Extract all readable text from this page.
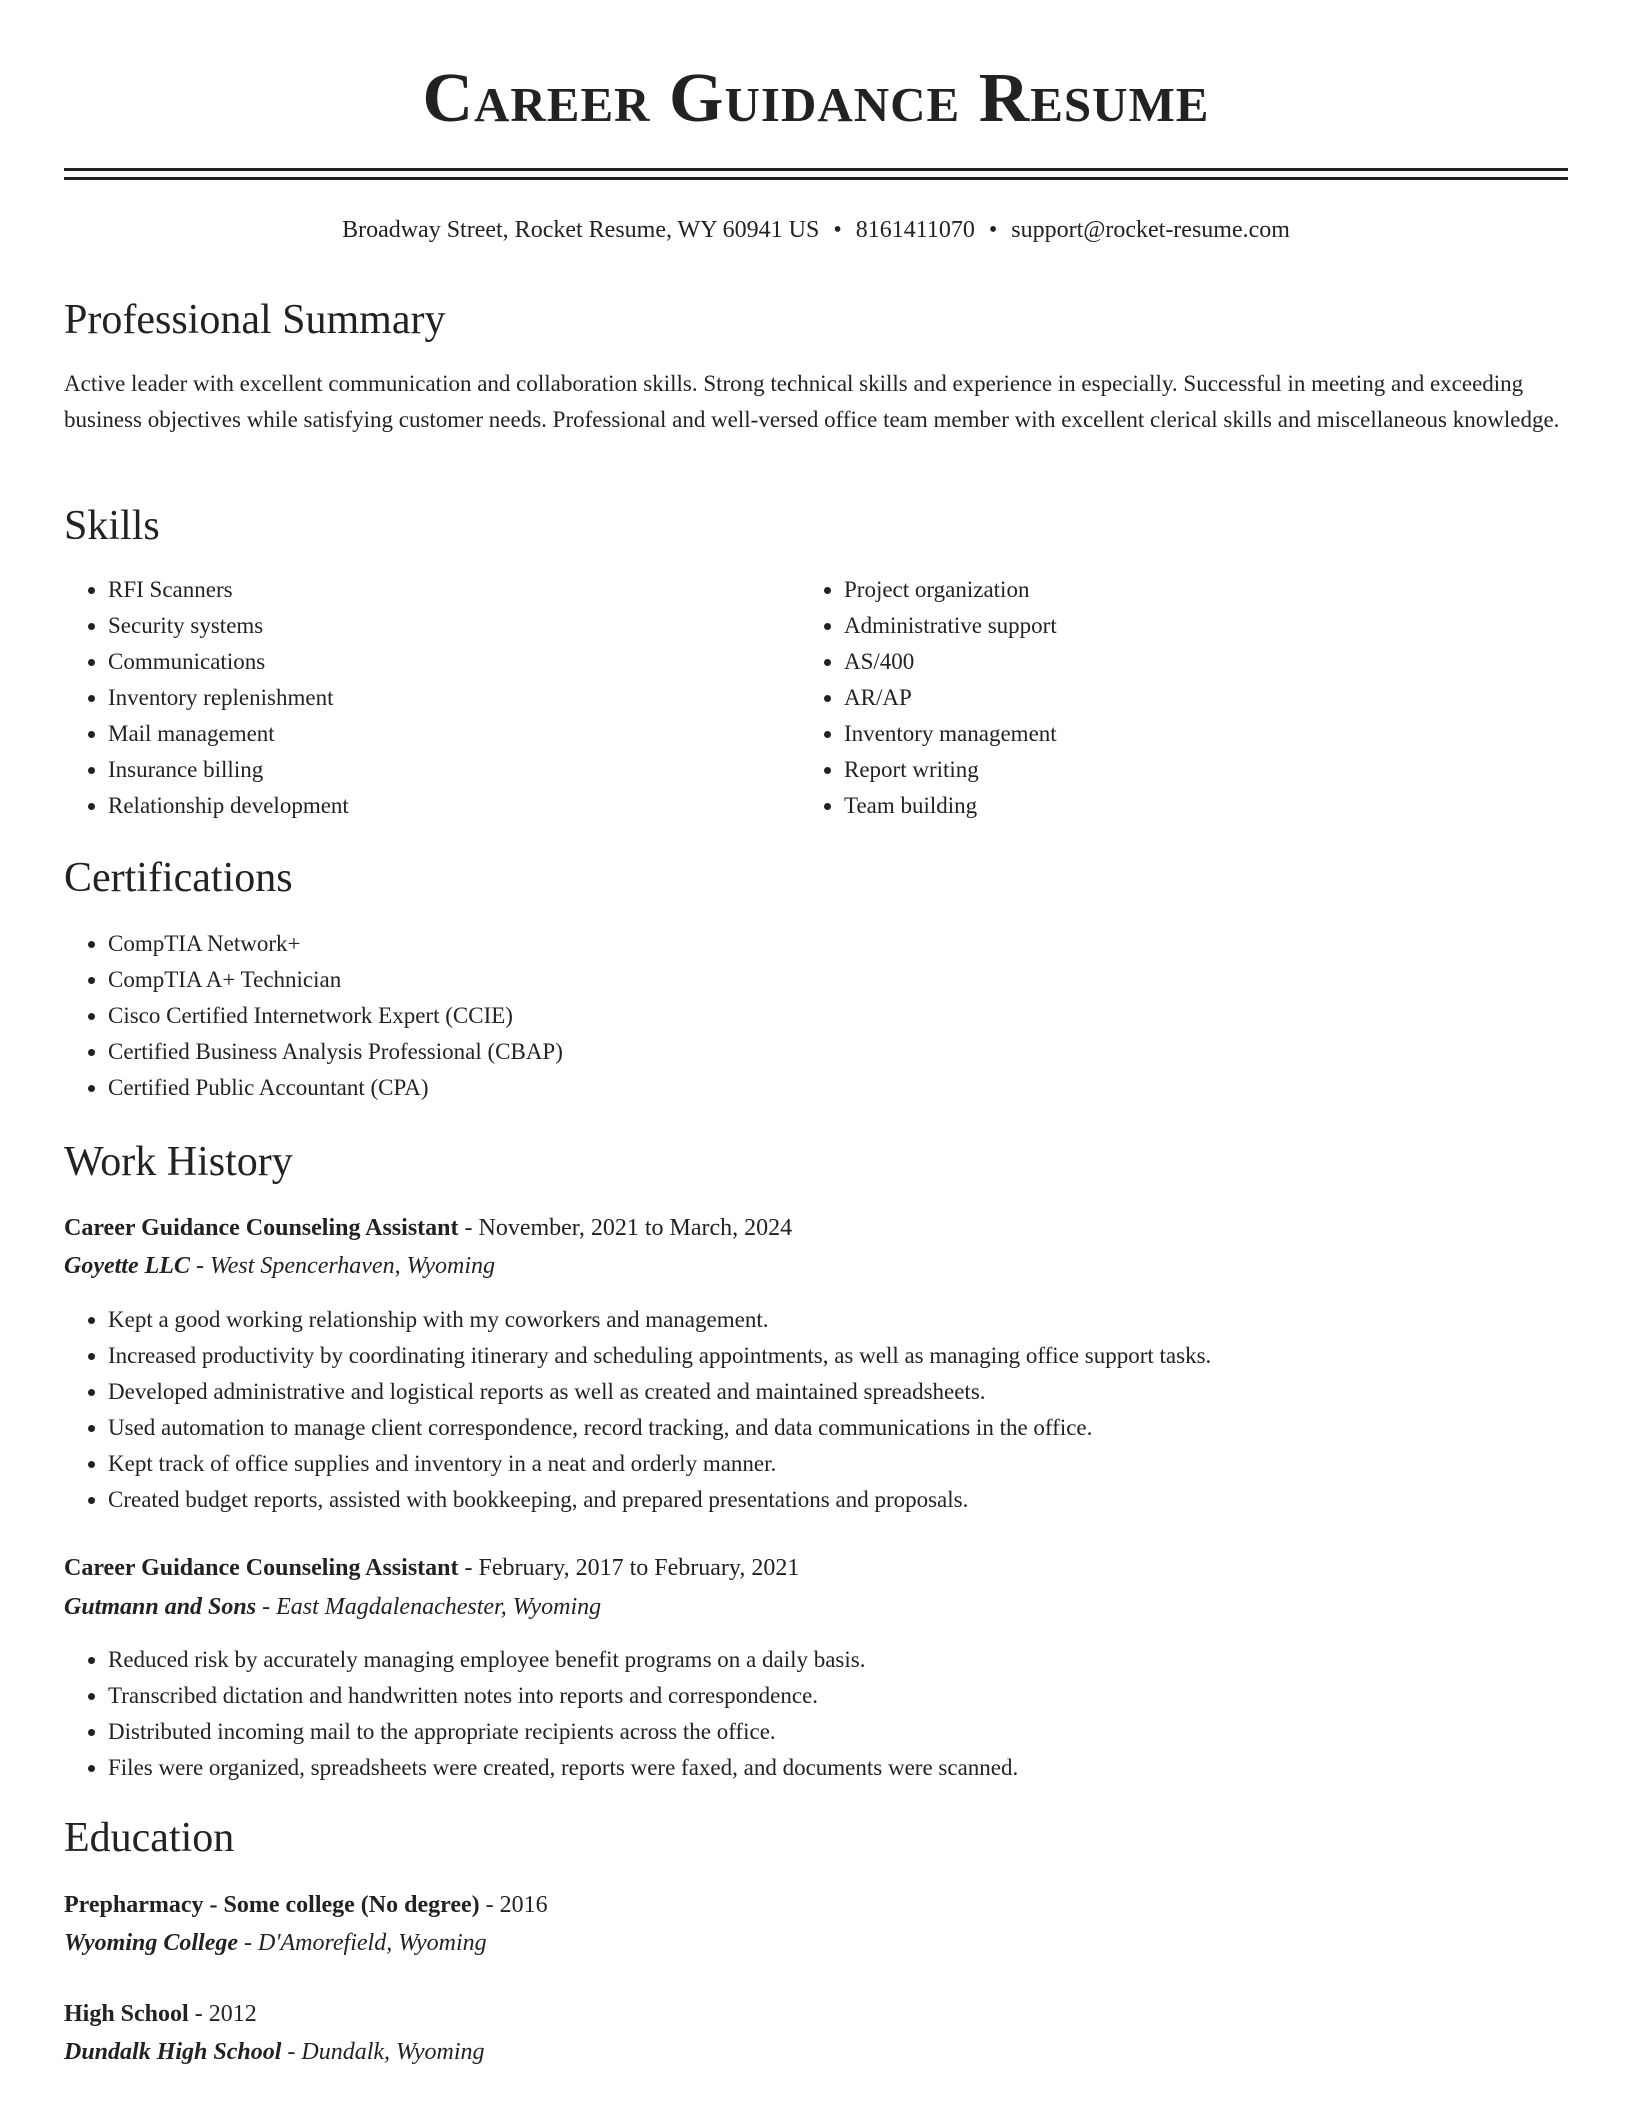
Career Guidance Resume
Broadway Street, Rocket Resume, WY 60941 US • 8161411070 • support@rocket-resume.com
Professional Summary

Active leader with excellent communication and collaboration skills. Strong technical skills and experience in especially. Successful in meeting and exceeding business objectives while satisfying customer needs. Professional and well-versed office team member with excellent clerical skills and miscellaneous knowledge.

Skills
• RFI Scanners
• Security systems
• Communications
• Inventory replenishment
• Mail management
• Insurance billing
• Relationship development
• Project organization
• Administrative support
• AS/400
• AR/AP
• Inventory management
• Report writing
• Team building
Certifications
• CompTIA Network+
• CompTIA A+ Technician
• Cisco Certified Internetwork Expert (CCIE)
• Certified Business Analysis Professional (CBAP)
• Certified Public Accountant (CPA)
Work History
Career Guidance Counseling Assistant - November, 2021 to March, 2024
Goyette LLC - West Spencerhaven, Wyoming
• Kept a good working relationship with my coworkers and management.
• Increased productivity by coordinating itinerary and scheduling appointments, as well as managing office support tasks.
• Developed administrative and logistical reports as well as created and maintained spreadsheets.
• Used automation to manage client correspondence, record tracking, and data communications in the office.
• Kept track of office supplies and inventory in a neat and orderly manner.
• Created budget reports, assisted with bookkeeping, and prepared presentations and proposals.
Career Guidance Counseling Assistant - February, 2017 to February, 2021
Gutmann and Sons - East Magdalenachester, Wyoming
• Reduced risk by accurately managing employee benefit programs on a daily basis.
• Transcribed dictation and handwritten notes into reports and correspondence.
• Distributed incoming mail to the appropriate recipients across the office.
• Files were organized, spreadsheets were created, reports were faxed, and documents were scanned.
Education
Prepharmacy - Some college (No degree) - 2016
Wyoming College - D'Amorefield, Wyoming
High School - 2012
Dundalk High School - Dundalk, Wyoming
